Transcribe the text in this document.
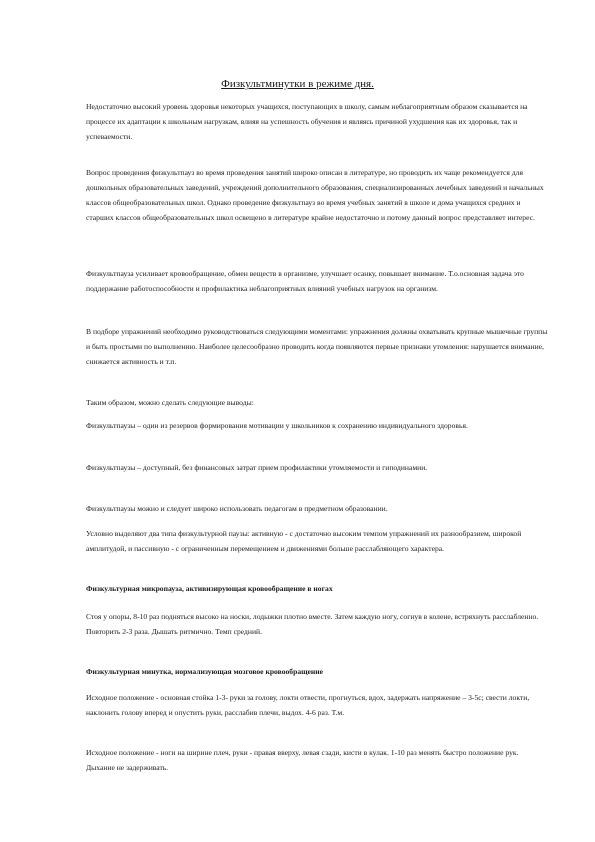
Физкультминутки в режиме дня.

Недостаточно высокий уровень здоровья некоторых учащихся, поступающих в школу, самым неблагоприятным образом сказывается на процессе их адаптации к школьным нагрузкам, влияя на успешность обучения и являясь причиной ухудшения как их здоровья, так и успеваемости.

Вопрос проведения физкультпауз во время проведения занятий широко описан в литературе, но проводить их чаще рекомендуется для дошкольных образовательных заведений, учреждений дополнительного образования, специализированных лечебных заведений и начальных классов общеобразовательных школ. Однако проведение физкультпауз во время учебных занятий в школе и дома учащихся средних и старших классов общеобразовательных школ освещено в литературе крайне недостаточно и потому данный вопрос представляет интерес.

Физкультпауза усиливает кровообращение, обмен веществ в организме, улучшает осанку, повышает внимание. Т.о.основная задача это поддержание работоспособности и профилактика неблагоприятных влияний учебных нагрузок на организм.

В подборе упражнений необходимо руководствоваться следующими моментами: упражнения должны охватывать крупные мышечные группы и быть простыми по выполнению. Наиболее целесообразно проводить когда появляются первые признаки утомления: нарушается внимание, снижается активность и т.п.

Таким образом, можно сделать следующие выводы:

Физкультпаузы – один из резервов формирования мотивации у школьников к сохранению индивидуального здоровья.

Физкультпаузы – доступный, без финансовых затрат прием профилактики утомляемости и гиподинамии.

Физкультпаузы можно и следует широко использовать педагогам в предметном образовании.

Условно выделяют два типа физкультурной паузы: активную - с достаточно высоким темпом упражнений их разнообразием, широкой амплитудой, и пассивную - с ограниченным перемещением и движениями больше расслабляющего характера.

Физкультурная микропауза, активизирующая кровообращение в ногах

Стоя у опоры, 8-10 раз подняться высоко на носки, лодыжки плотно вместе. Затем каждую ногу, согнув в колене, встряхнуть расслабленно. Повторить 2-3 раза. Дышать ритмично. Темп средний.

Физкультурная минутка, нормализующая мозговое кровообращение

Исходное положение - основная стойка 1-3- руки за голову, локти отвести, прогнуться, вдох, задержать напряжение – 3-5с; свести локти, наклонить голову вперед и опустить руки, расслабив плечи, выдох. 4-6 раз. Т.м.

Исходное положение - ноги на ширине плеч, руки - правая вверху, левая сзади, кисти в кулак. 1-10 раз менять быстро положение рук. Дыхание не задерживать.
